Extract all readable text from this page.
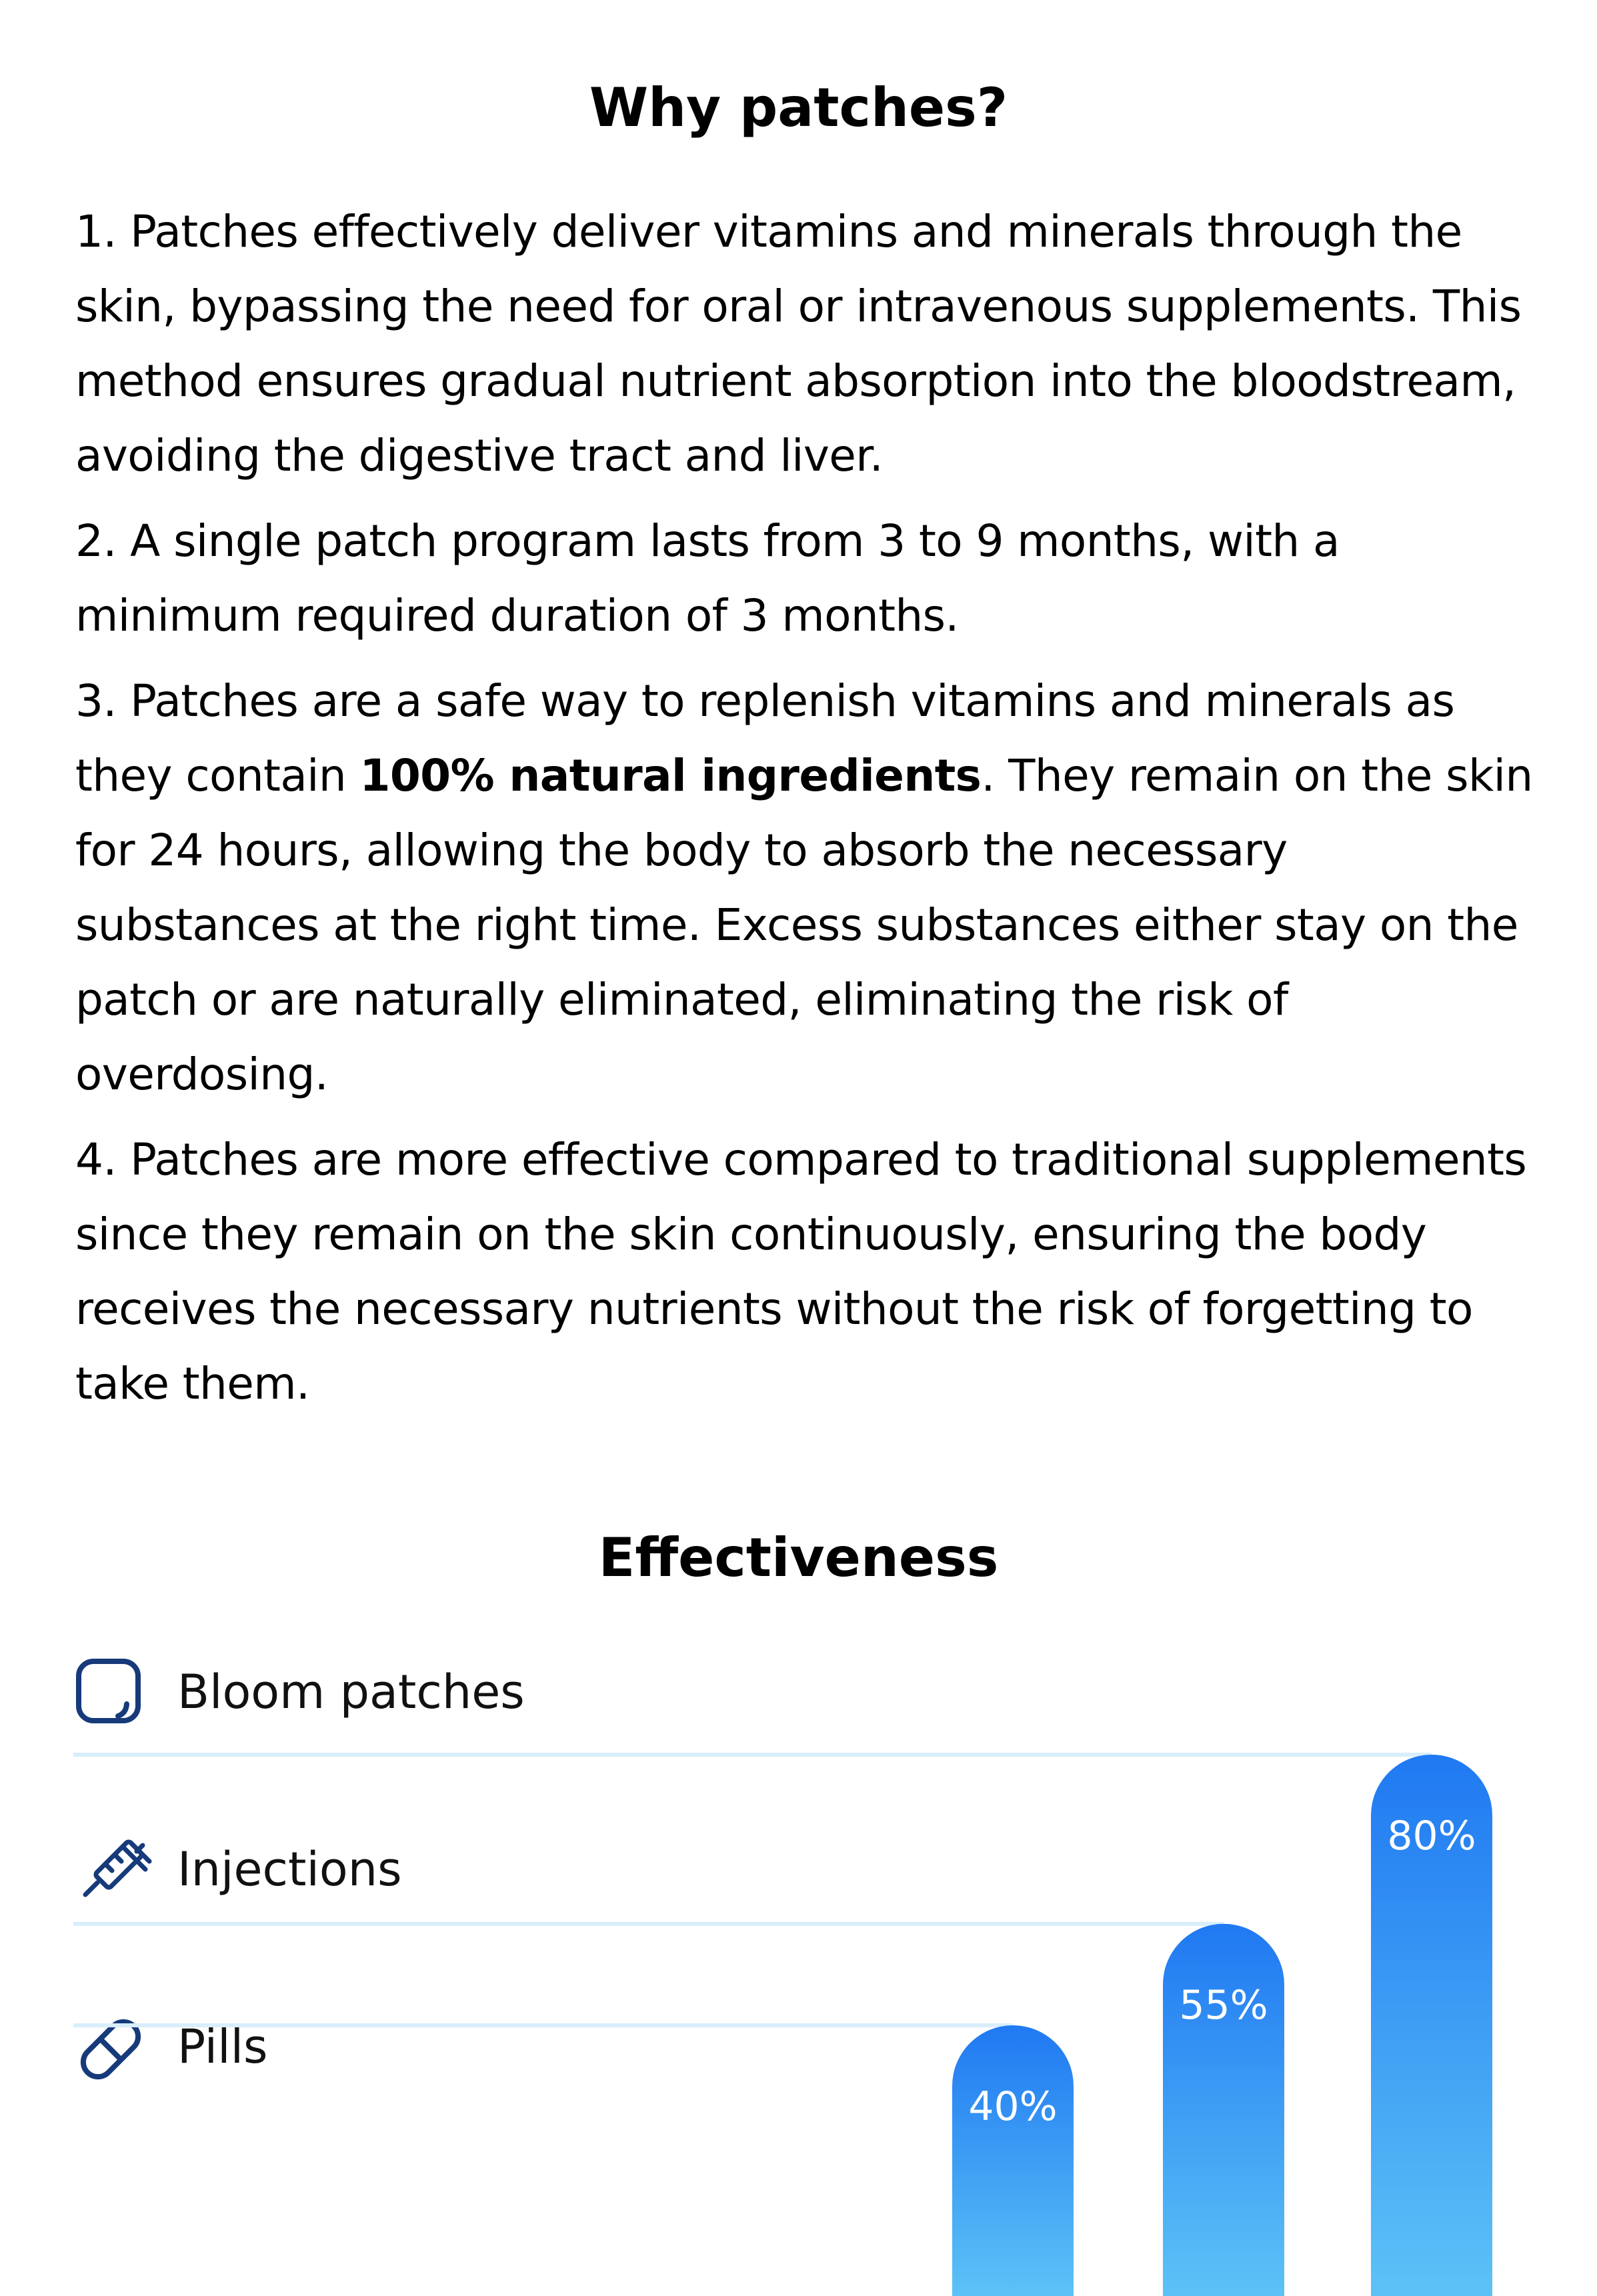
Why patches?

1. Patches effectively deliver vitamins and minerals through the skin, bypassing the need for oral or intravenous supplements. This method ensures gradual nutrient absorption into the bloodstream, avoiding the digestive tract and liver.

2. A single patch program lasts from 3 to 9 months, with a minimum required duration of 3 months.

3. Patches are a safe way to replenish vitamins and minerals as they contain 100% natural ingredients. They remain on the skin for 24 hours, allowing the body to absorb the necessary substances at the right time. Excess substances either stay on the patch or are naturally eliminated, eliminating the risk of overdosing.

4. Patches are more effective compared to traditional supplements since they remain on the skin continuously, ensuring the body receives the necessary nutrients without the risk of forgetting to take them.

Effectiveness
Bloom patches
Injections
Pills
40%
55%
80%
